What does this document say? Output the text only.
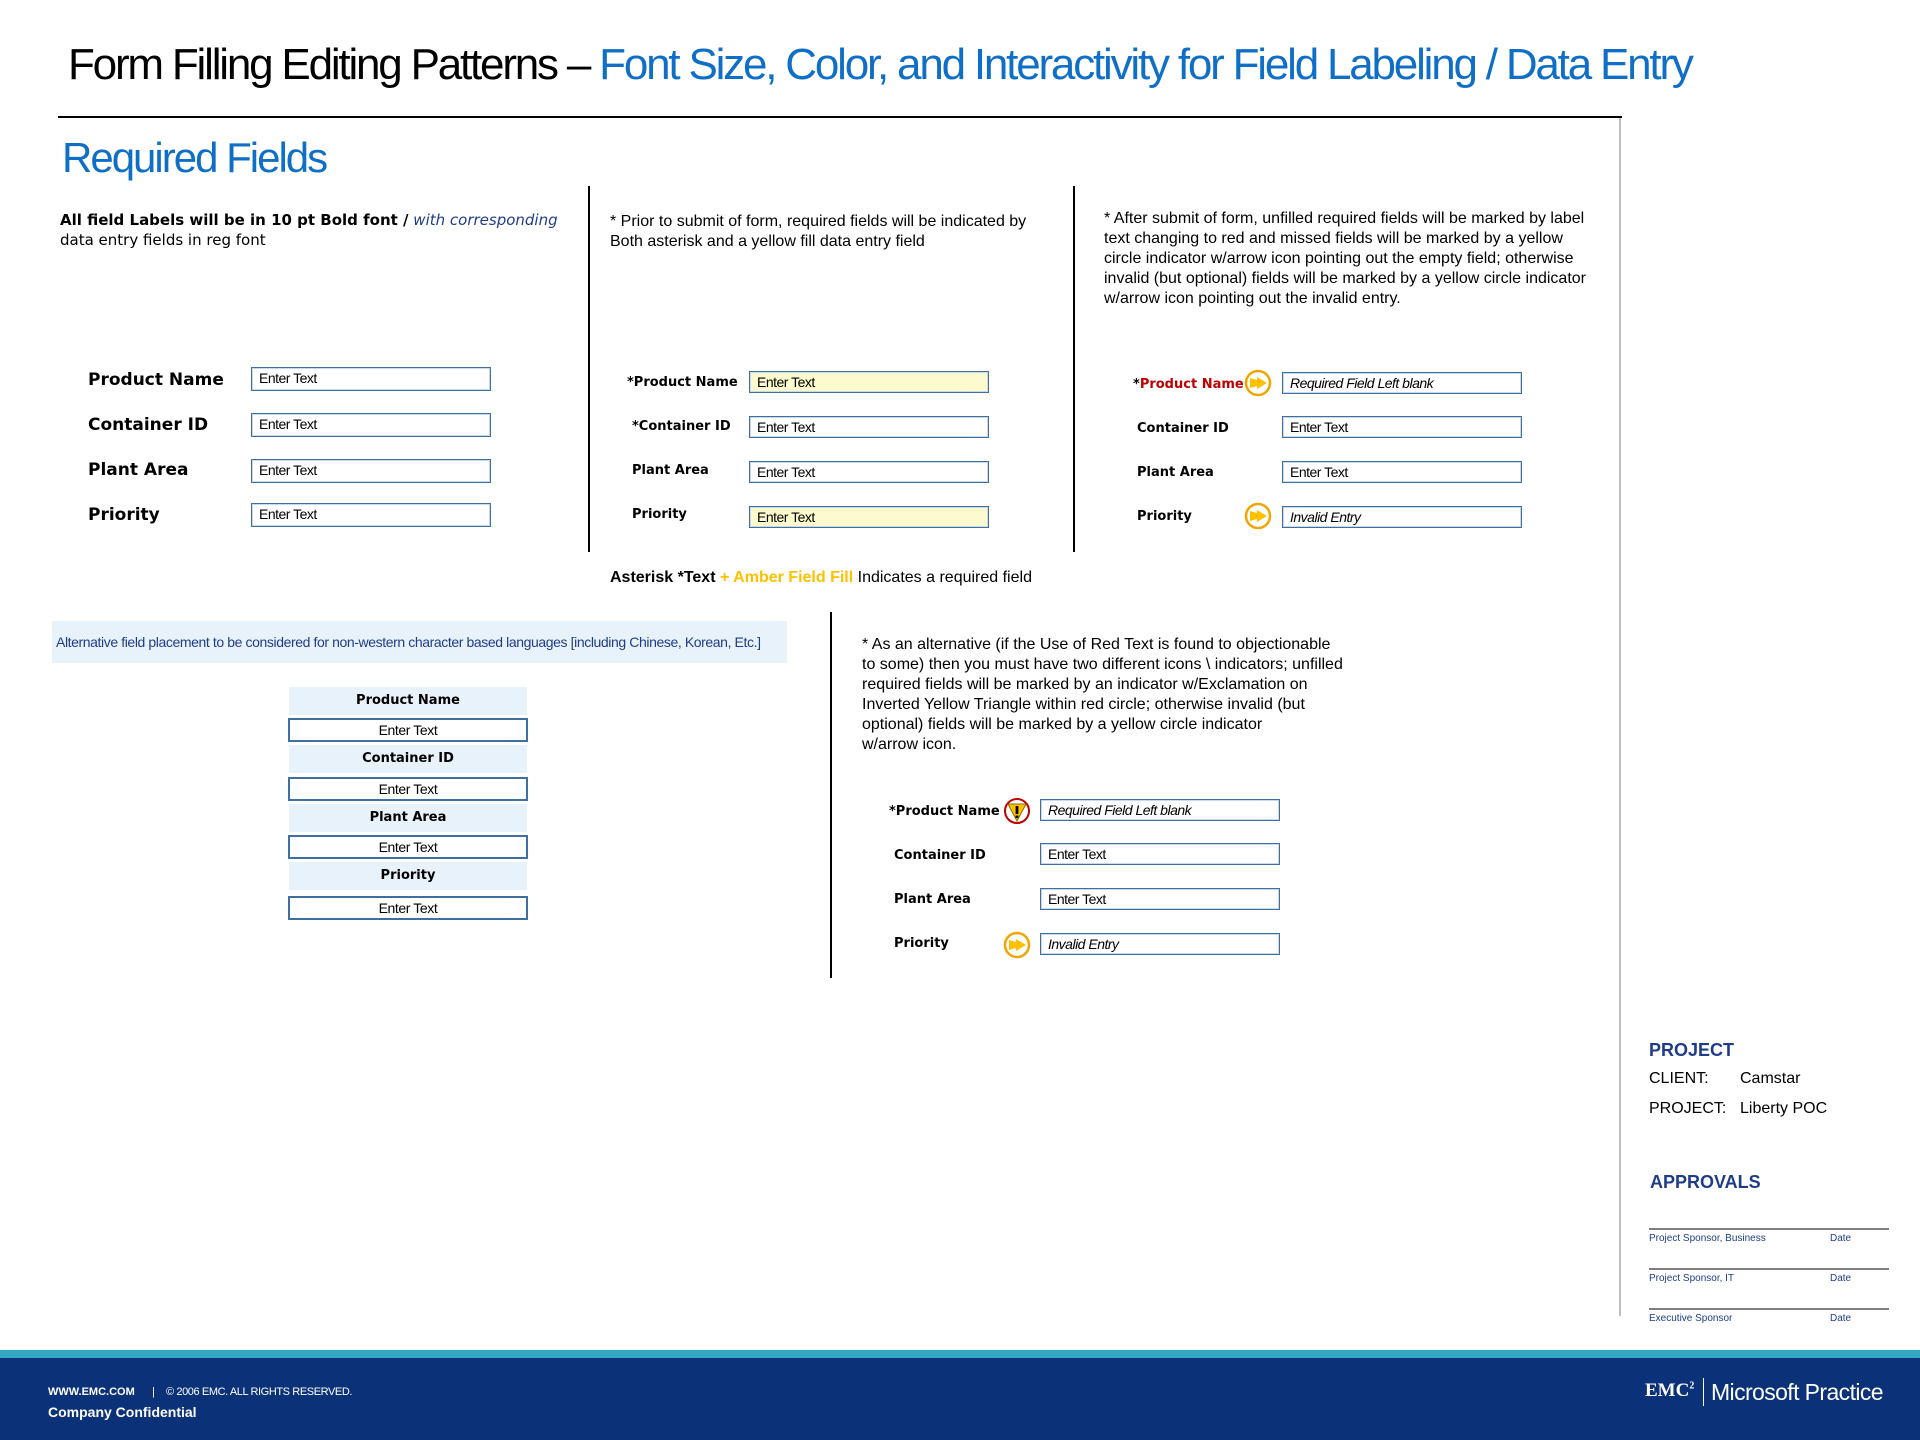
Form Filling Editing Patterns – Font Size, Color, and Interactivity for Field Labeling / Data Entry
Required Fields
All field Labels will be in 10 pt Bold font / with corresponding
data entry fields in reg font
Product Name	Enter Text
Container ID	Enter Text
Plant Area	Enter Text
Priority	Enter Text
* Prior to submit of form, required fields will be indicated by
Both asterisk and a yellow fill data entry field
*Product Name	Enter Text
*Container ID	Enter Text
Plant Area	Enter Text
Priority	Enter Text
Asterisk *Text + Amber Field Fill Indicates a required field
* After submit of form, unfilled required fields will be marked by label
text changing to red and missed fields will be marked by a yellow
circle indicator w/arrow icon pointing out the empty field; otherwise
invalid (but optional) fields will be marked by a yellow circle indicator
w/arrow icon pointing out the invalid entry.
*Product Name	Required Field Left blank
Container ID	Enter Text
Plant Area	Enter Text
Priority	Invalid Entry
Alternative field placement to be considered for non-western character based languages [including Chinese, Korean, Etc.]
Product Name
Enter Text
Container ID
Enter Text
Plant Area
Enter Text
Priority
Enter Text
* As an alternative (if the Use of Red Text is found to objectionable
to some) then you must have two different icons \ indicators; unfilled
required fields will be marked by an indicator w/Exclamation on
Inverted Yellow Triangle within red circle; otherwise invalid (but
optional) fields will be marked by a yellow circle indicator
w/arrow icon.
*Product Name	Required Field Left blank
Container ID	Enter Text
Plant Area	Enter Text
Priority	Invalid Entry
PROJECT
CLIENT: Camstar
PROJECT: Liberty POC
APPROVALS
Project Sponsor, Business	Date
Project Sponsor, IT	Date
Executive Sponsor	Date
WWW.EMC.COM | © 2006 EMC. ALL RIGHTS RESERVED.
Company Confidential
EMC$^2$ Microsoft Practice
